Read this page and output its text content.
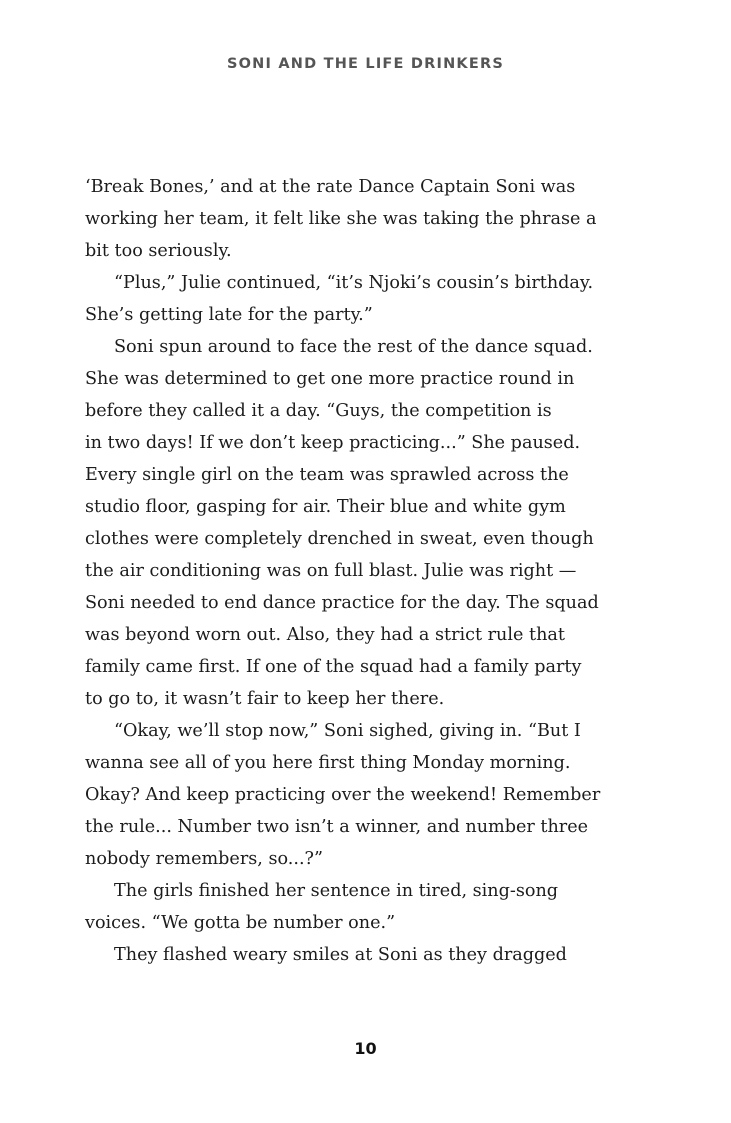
SONI AND THE LIFE DRINKERS
‘Break Bones,’ and at the rate Dance Captain Soni was
working her team, it felt like she was taking the phrase a
bit too seriously.
“Plus,” Julie continued, “it’s Njoki’s cousin’s birthday.
She’s getting late for the party.”
Soni spun around to face the rest of the dance squad.
She was determined to get one more practice round in
before they called it a day. “Guys, the competition is
in two days! If we don’t keep practicing...” She paused.
Every single girl on the team was sprawled across the
studio floor, gasping for air. Their blue and white gym
clothes were completely drenched in sweat, even though
the air conditioning was on full blast. Julie was right —
Soni needed to end dance practice for the day. The squad
was beyond worn out. Also, they had a strict rule that
family came first. If one of the squad had a family party
to go to, it wasn’t fair to keep her there.
“Okay, we’ll stop now,” Soni sighed, giving in. “But I
wanna see all of you here first thing Monday morning.
Okay? And keep practicing over the weekend! Remember
the rule... Number two isn’t a winner, and number three
nobody remembers, so...?”
The girls finished her sentence in tired, sing-song
voices. “We gotta be number one.”
They flashed weary smiles at Soni as they dragged

10
